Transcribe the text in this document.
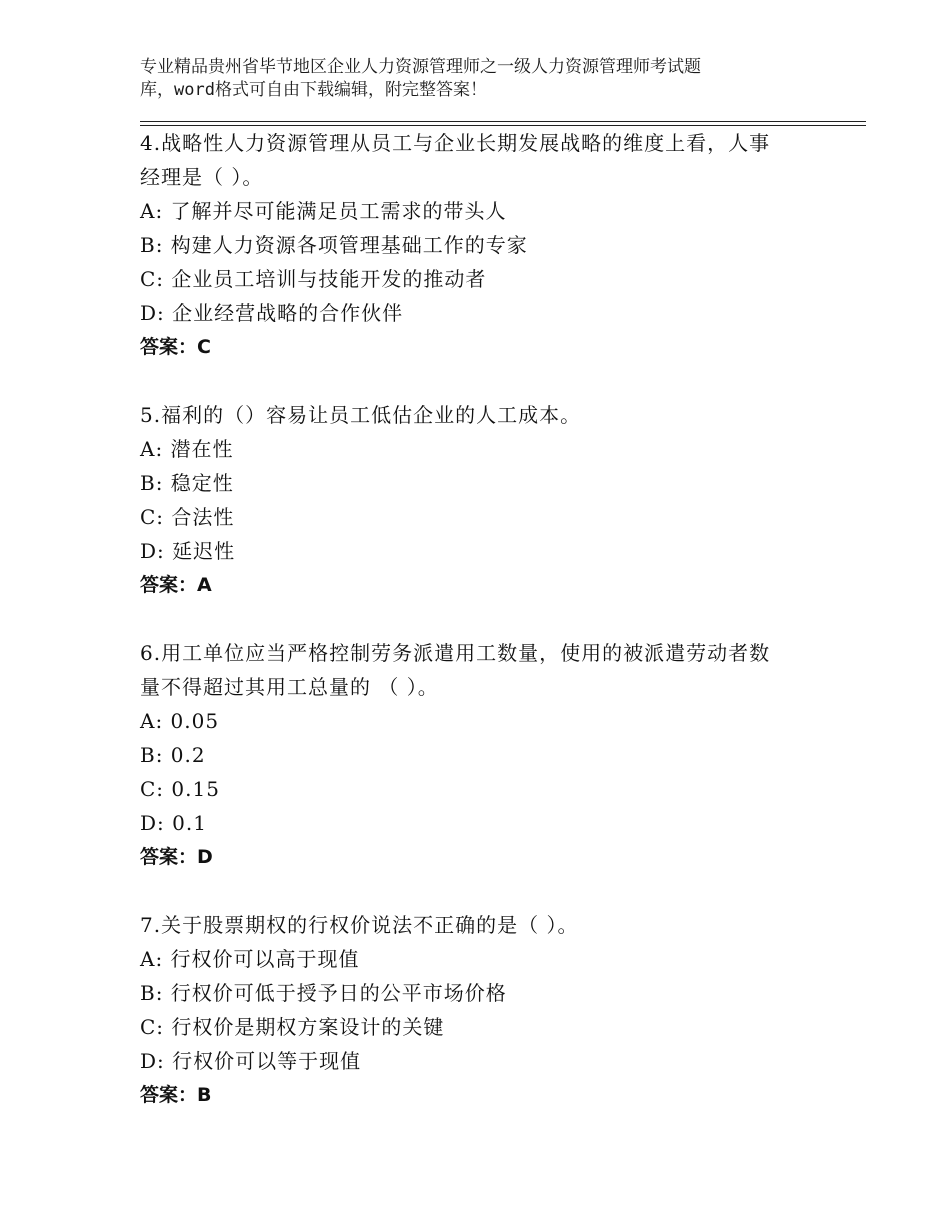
专业精品贵州省毕节地区企业人力资源管理师之一级人力资源管理师考试题
库，word格式可自由下载编辑，附完整答案！
4.战略性人力资源管理从员工与企业长期发展战略的维度上看，人事
经理是（ ）。
A: 了解并尽可能满足员工需求的带头人
B: 构建人力资源各项管理基础工作的专家
C: 企业员工培训与技能开发的推动者
D: 企业经营战略的合作伙伴
答案：C
5.福利的（）容易让员工低估企业的人工成本。
A: 潜在性
B: 稳定性
C: 合法性
D: 延迟性
答案：A
6.用工单位应当严格控制劳务派遣用工数量，使用的被派遣劳动者数
量不得超过其用工总量的 （ ）。
A: 0.05
B: 0.2
C: 0.15
D: 0.1
答案：D
7.关于股票期权的行权价说法不正确的是（ ）。
A: 行权价可以高于现值
B: 行权价可低于授予日的公平市场价格
C: 行权价是期权方案设计的关键
D: 行权价可以等于现值
答案：B
